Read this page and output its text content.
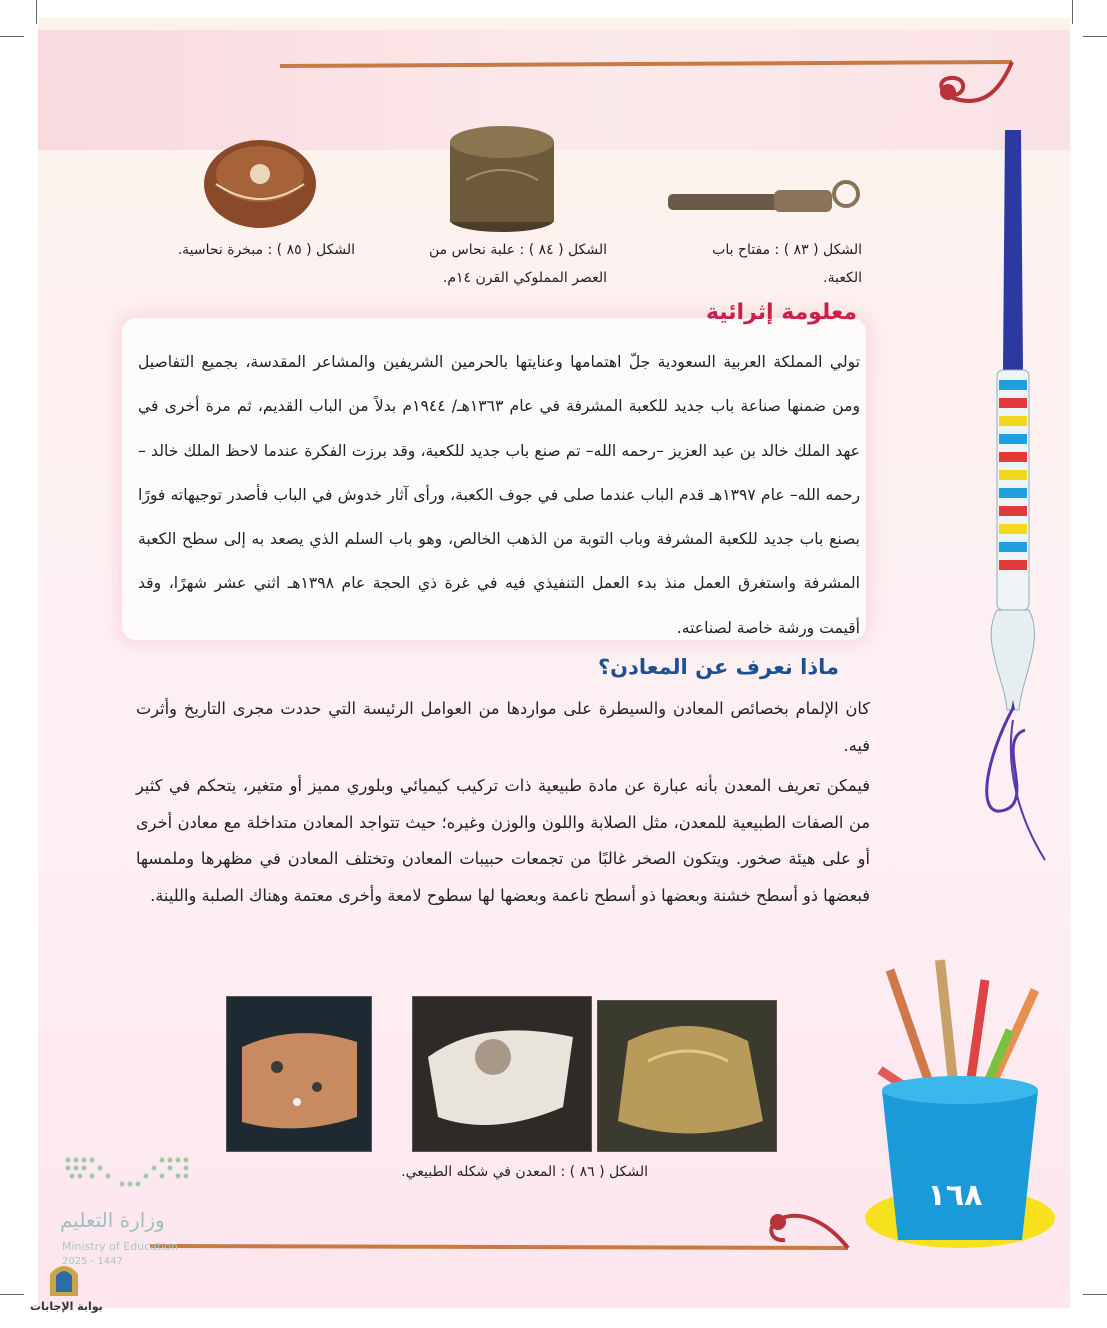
الشكل ( ٨٣ ) : مفتاح باب الكعبة.
الشكل ( ٨٤ ) : علبة نحاس من العصر المملوكي القرن ١٤م.
الشكل ( ٨٥ ) : مبخرة نحاسية.
معلومة إثرائية
تولي المملكة العربية السعودية جلّ اهتمامها وعنايتها بالحرمين الشريفين والمشاعر المقدسة، بجميع التفاصيل ومن ضمنها صناعة باب جديد للكعبة المشرفة في عام ١٣٦٣هـ/ ١٩٤٤م بدلاً من الباب القديم، ثم مرة أخرى في عهد الملك خالد بن عبد العزيز –رحمه الله– تم صنع باب جديد للكعبة، وقد برزت الفكرة عندما لاحظ الملك خالد –رحمه الله– عام ١٣٩٧هـ قدم الباب عندما صلى في جوف الكعبة، ورأى آثار خدوش في الباب فأصدر توجيهاته فورًا بصنع باب جديد للكعبة المشرفة وباب التوبة من الذهب الخالص، وهو باب السلم الذي يصعد به إلى سطح الكعبة المشرفة واستغرق العمل منذ بدء العمل التنفيذي فيه في غرة ذي الحجة عام ١٣٩٨هـ اثني عشر شهرًا، وقد أقيمت ورشة خاصة لصناعته.
ماذا نعرف عن المعادن؟
كان الإلمام بخصائص المعادن والسيطرة على مواردها من العوامل الرئيسة التي حددت مجرى التاريخ وأثرت فيه.
فيمكن تعريف المعدن بأنه عبارة عن مادة طبيعية ذات تركيب كيميائي وبلوري مميز أو متغير، يتحكم في كثير من الصفات الطبيعية للمعدن، مثل الصلابة واللون والوزن وغيره؛ حيث تتواجد المعادن متداخلة مع معادن أخرى أو على هيئة صخور. ويتكون الصخر غالبًا من تجمعات حبيبات المعادن وتختلف المعادن في مظهرها وملمسها فبعضها ذو أسطح خشنة وبعضها ذو أسطح ناعمة وبعضها لها سطوح لامعة وأخرى معتمة وهناك الصلبة واللينة.
الشكل ( ٨٦ ) : المعدن في شكله الطبيعي.
١٦٨
وزارة التعليم
Ministry of Education
2025 - 1447
بوابة الإجابات
